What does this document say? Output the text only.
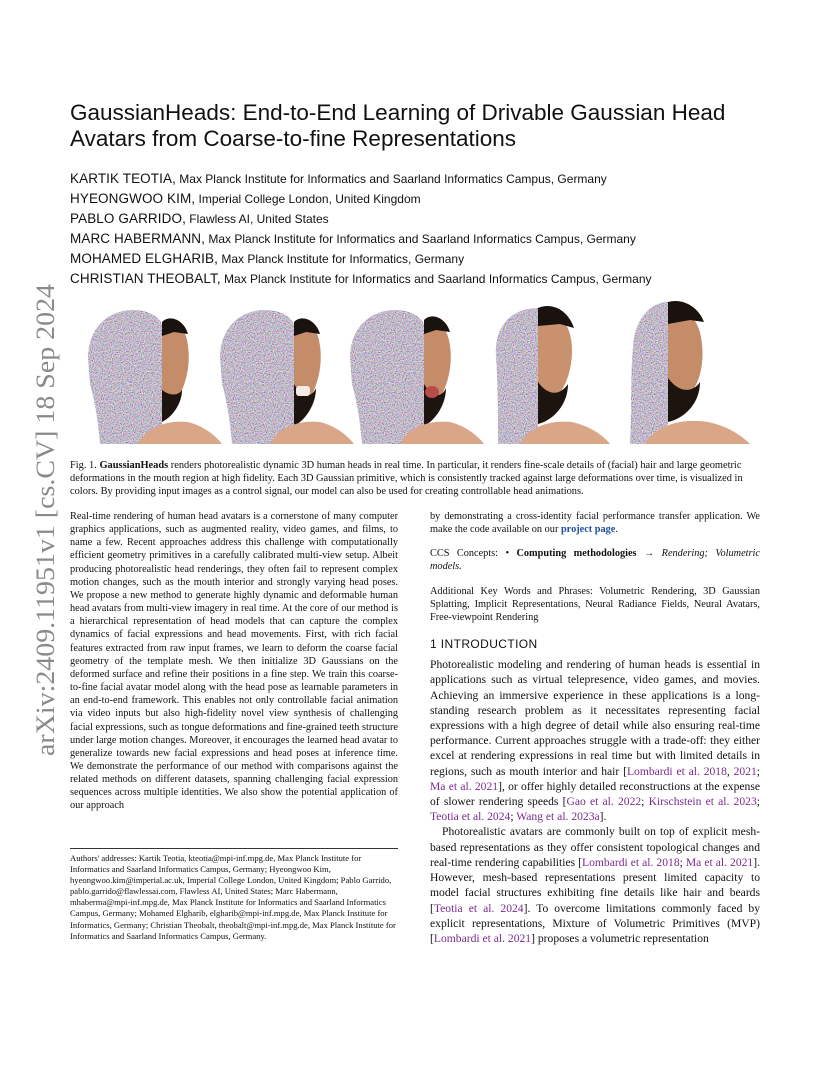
arXiv:2409.11951v1 [cs.CV] 18 Sep 2024
GaussianHeads: End-to-End Learning of Drivable Gaussian Head Avatars from Coarse-to-fine Representations
KARTIK TEOTIA, Max Planck Institute for Informatics and Saarland Informatics Campus, Germany
HYEONGWOO KIM, Imperial College London, United Kingdom
PABLO GARRIDO, Flawless AI, United States
MARC HABERMANN, Max Planck Institute for Informatics and Saarland Informatics Campus, Germany
MOHAMED ELGHARIB, Max Planck Institute for Informatics, Germany
CHRISTIAN THEOBALT, Max Planck Institute for Informatics and Saarland Informatics Campus, Germany

Fig. 1. GaussianHeads renders photorealistic dynamic 3D human heads in real time. In particular, it renders fine-scale details of (facial) hair and large geometric deformations in the mouth region at high fidelity. Each 3D Gaussian primitive, which is consistently tracked against large deformations over time, is visualized in colors. By providing input images as a control signal, our model can also be used for creating controllable head animations.

Real-time rendering of human head avatars is a cornerstone of many computer graphics applications, such as augmented reality, video games, and films, to name a few. Recent approaches address this challenge with computationally efficient geometry primitives in a carefully calibrated multi-view setup. Albeit producing photorealistic head renderings, they often fail to represent complex motion changes, such as the mouth interior and strongly varying head poses. We propose a new method to generate highly dynamic and deformable human head avatars from multi-view imagery in real time. At the core of our method is a hierarchical representation of head models that can capture the complex dynamics of facial expressions and head movements. First, with rich facial features extracted from raw input frames, we learn to deform the coarse facial geometry of the template mesh. We then initialize 3D Gaussians on the deformed surface and refine their positions in a fine step. We train this coarse-to-fine facial avatar model along with the head pose as learnable parameters in an end-to-end framework. This enables not only controllable facial animation via video inputs but also high-fidelity novel view synthesis of challenging facial expressions, such as tongue deformations and fine-grained teeth structure under large motion changes. Moreover, it encourages the learned head avatar to generalize towards new facial expressions and head poses at inference time. We demonstrate the performance of our method with comparisons against the related methods on different datasets, spanning challenging facial expression sequences across multiple identities. We also show the potential application of our approach

by demonstrating a cross-identity facial performance transfer application. We make the code available on our project page.

CCS Concepts: • Computing methodologies → Rendering; Volumetric models.

Additional Key Words and Phrases: Volumetric Rendering, 3D Gaussian Splatting, Implicit Representations, Neural Radiance Fields, Neural Avatars, Free-viewpoint Rendering

1 INTRODUCTION

Photorealistic modeling and rendering of human heads is essential in applications such as virtual telepresence, video games, and movies. Achieving an immersive experience in these applications is a long-standing research problem as it necessitates representing facial expressions with a high degree of detail while also ensuring real-time performance. Current approaches struggle with a trade-off: they either excel at rendering expressions in real time but with limited details in regions, such as mouth interior and hair [Lombardi et al. 2018, 2021; Ma et al. 2021], or offer highly detailed reconstructions at the expense of slower rendering speeds [Gao et al. 2022; Kirschstein et al. 2023; Teotia et al. 2024; Wang et al. 2023a].

Photorealistic avatars are commonly built on top of explicit mesh-based representations as they offer consistent topological changes and real-time rendering capabilities [Lombardi et al. 2018; Ma et al. 2021]. However, mesh-based representations present limited capacity to model facial structures exhibiting fine details like hair and beards [Teotia et al. 2024]. To overcome limitations commonly faced by explicit representations, Mixture of Volumetric Primitives (MVP) [Lombardi et al. 2021] proposes a volumetric representation

Authors' addresses: Kartik Teotia, kteotia@mpi-inf.mpg.de, Max Planck Institute for Informatics and Saarland Informatics Campus, Germany; Hyeongwoo Kim, hyeongwoo.kim@imperial.ac.uk, Imperial College London, United Kingdom; Pablo Garrido, pablo.garrido@flawlessai.com, Flawless AI, United States; Marc Habermann, mhaberma@mpi-inf.mpg.de, Max Planck Institute for Informatics and Saarland Informatics Campus, Germany; Mohamed Elgharib, elgharib@mpi-inf.mpg.de, Max Planck Institute for Informatics, Germany; Christian Theobalt, theobalt@mpi-inf.mpg.de, Max Planck Institute for Informatics and Saarland Informatics Campus, Germany.
